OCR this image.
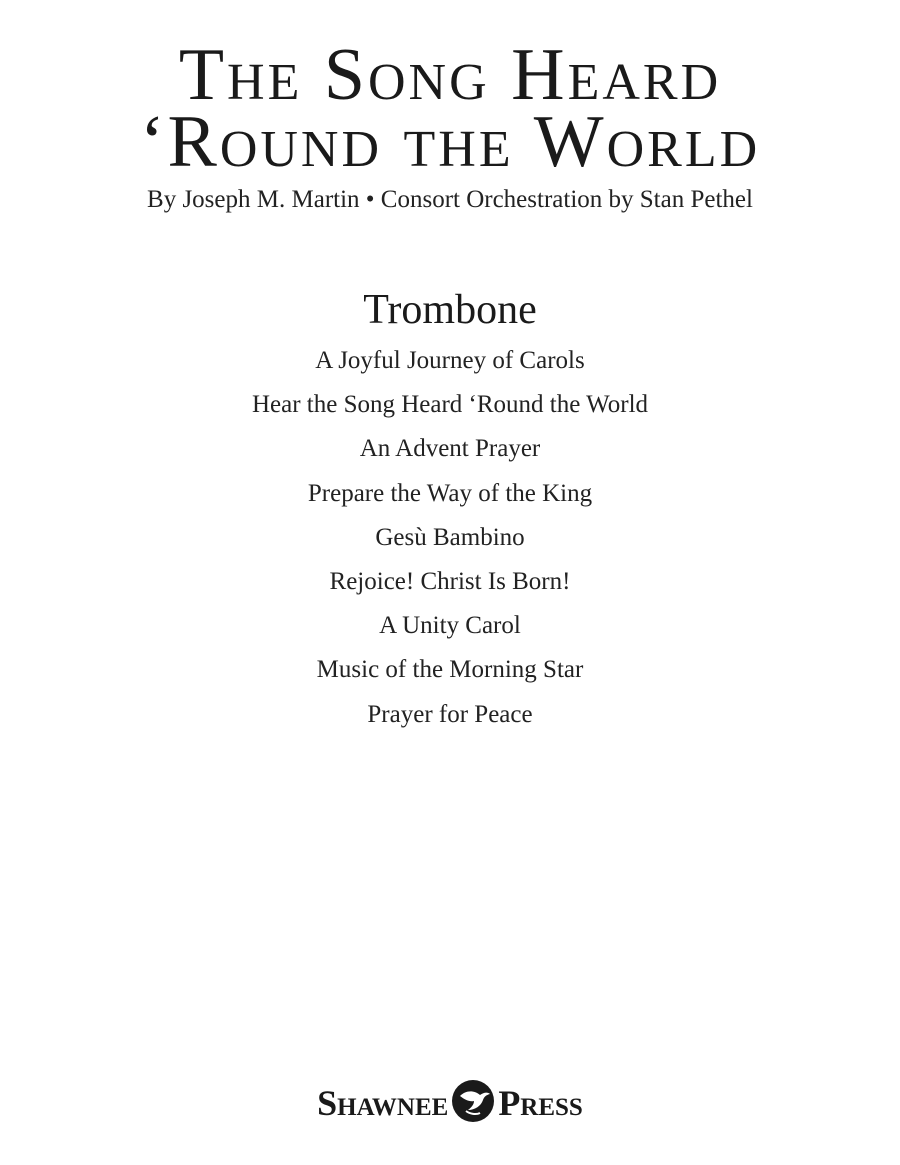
The Song Heard
‘Round the World
By Joseph M. Martin • Consort Orchestration by Stan Pethel
Trombone
A Joyful Journey of Carols
Hear the Song Heard ‘Round the World
An Advent Prayer
Prepare the Way of the King
Gesù Bambino
Rejoice! Christ Is Born!
A Unity Carol
Music of the Morning Star
Prayer for Peace
Shawnee Press
